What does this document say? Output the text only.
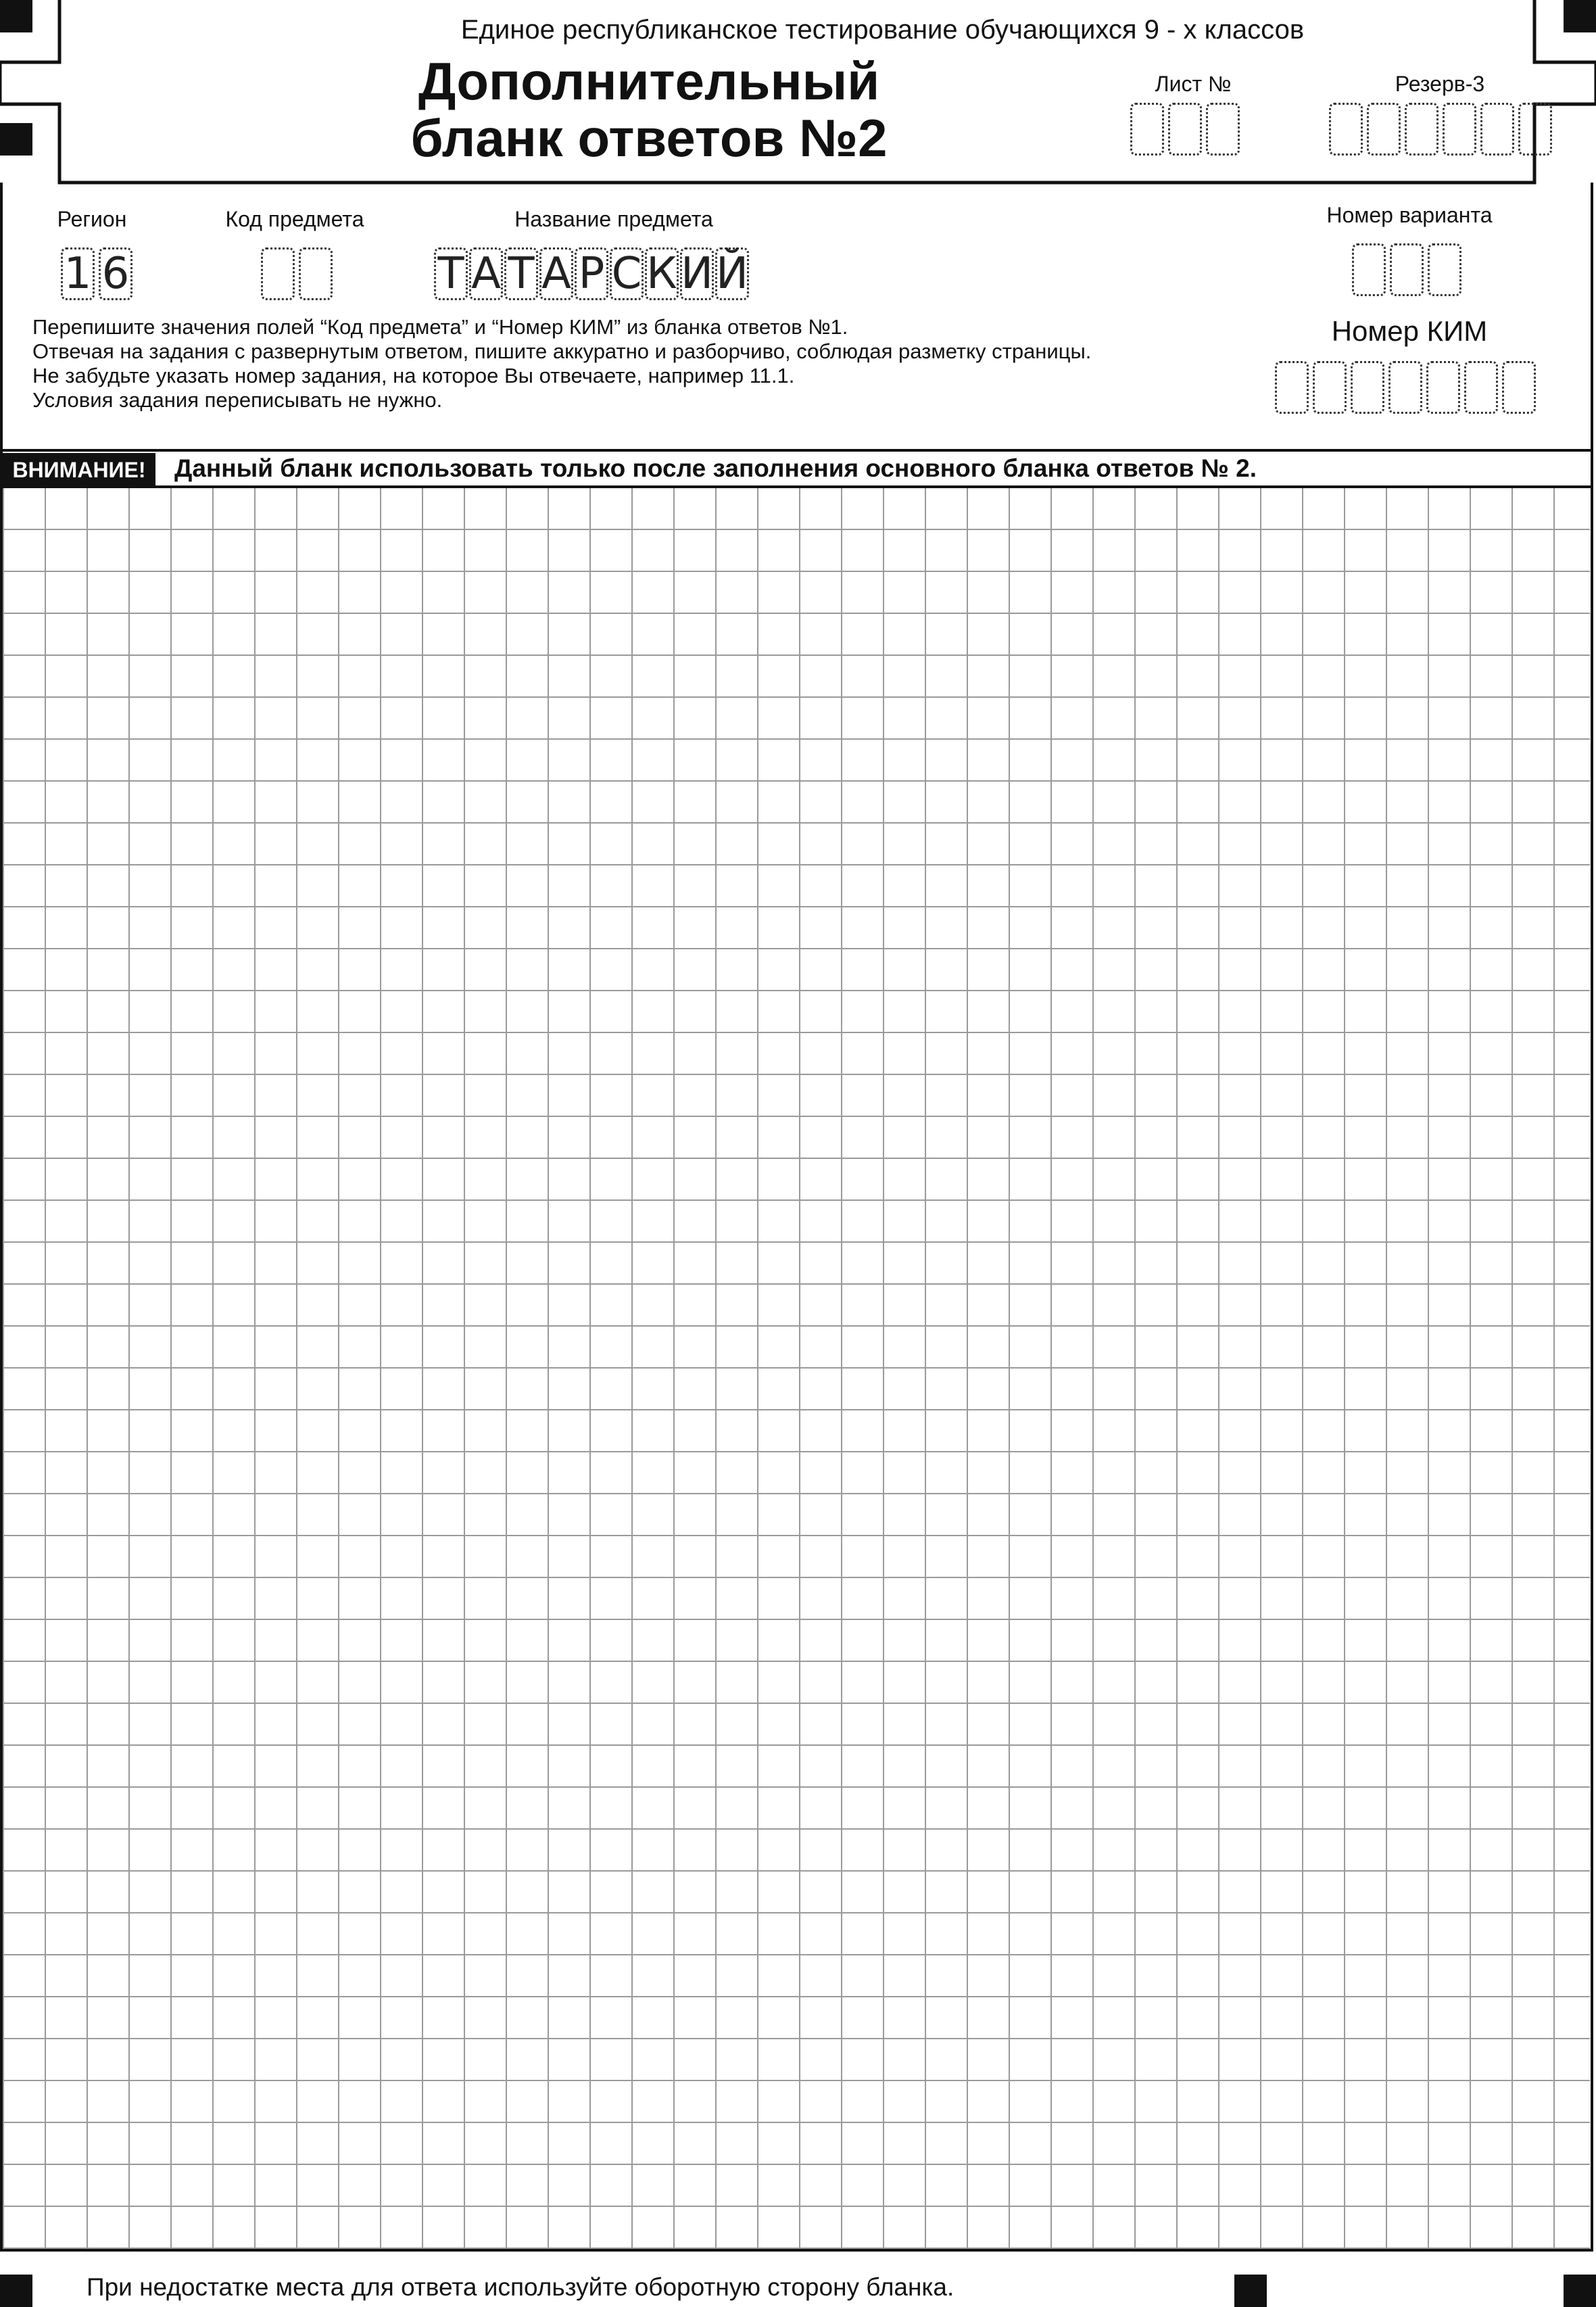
Единое республиканское тестирование обучающихся 9 - х классов
Дополнительный
бланк ответов №2
Лист №	Резерв-3
Регион
1 6
Код предмета	Название предмета
Т А Т А Р С К И Й
Номер варианта
Номер КИМ
Перепишите значения полей “Код предмета” и “Номер КИМ” из бланка ответов №1.
Отвечая на задания с развернутым ответом, пишите аккуратно и разборчиво, соблюдая разметку страницы.
Не забудьте указать номер задания, на которое Вы отвечаете, например 11.1.
Условия задания переписывать не нужно.
ВНИМАНИЕ!	Данный бланк использовать только после заполнения основного бланка ответов № 2.
При недостатке места для ответа используйте оборотную сторону бланка.
